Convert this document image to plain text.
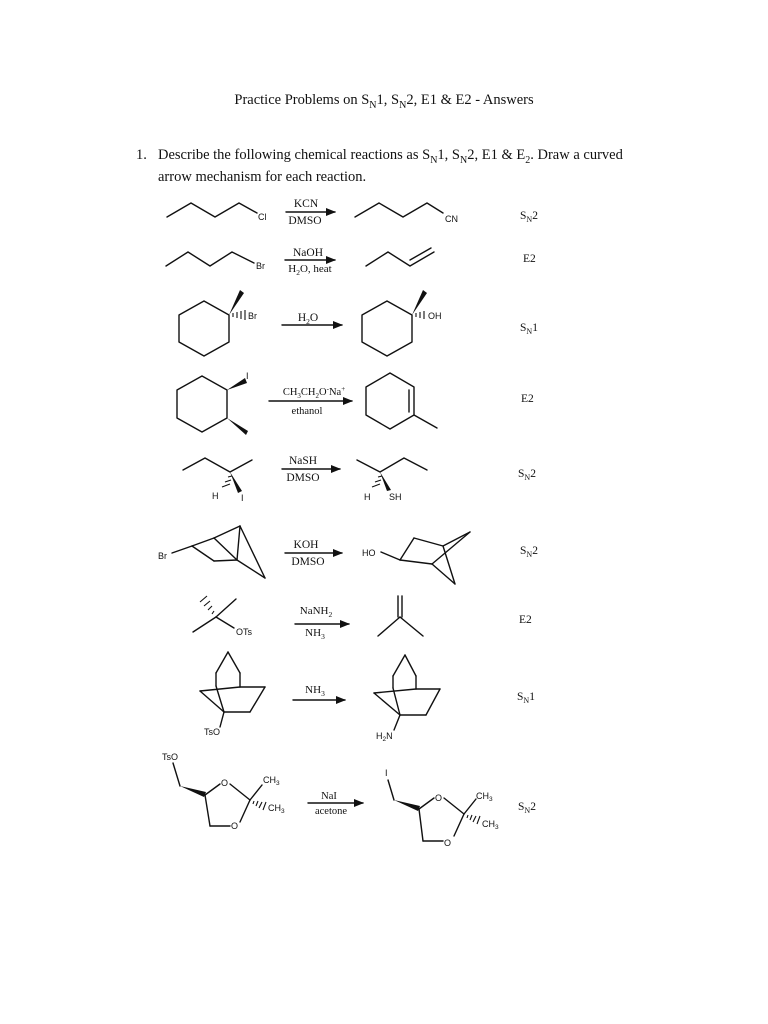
Practice Problems on $S_N1$, $S_N2$, E1 & E2 - Answers
1. Describe the following chemical reactions as $S_N1$, $S_N2$, E1 & $E_2$. Draw a curved arrow mechanism for each reaction.
Cl
KCN
DMSO	CN	$S_N2$
Br
NaOH
$H_2O$, heat
E2
Br	$H_2O$	OH
$S_N1$
I
$CH_3CH_2O^-Na^+$
ethanol
E2
H	I
NaSH
DMSO
H SH
$S_N2$
Br
KOH
DMSO
HO	$S_N2$
OTs
NaNH$_2$
$NH_3$
E2
TsO
$NH_3$
$H_2N$
$S_N1$
TsO
O
O
$CH_3$
$CH_3$
NaI
acetone
I
O
O
$CH_3$
$CH_3$
$S_N2$
